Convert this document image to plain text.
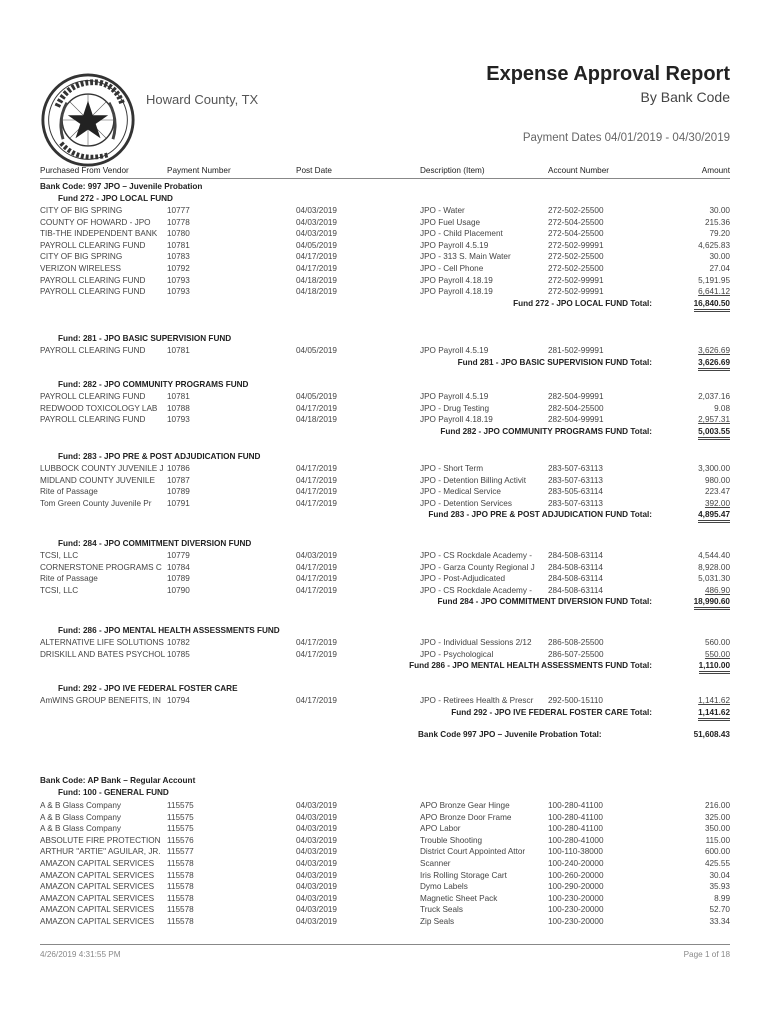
Howard County, TX
Expense Approval Report
By Bank Code
Payment Dates 04/01/2019 - 04/30/2019
Purchased From Vendor	Payment Number	Post Date	Description (Item)	Account Number	Amount
Bank Code: 997 JPO – Juvenile Probation
Fund 272 - JPO LOCAL FUND
CITY OF BIG SPRING	10777	04/03/2019	JPO - Water	272-502-25500	30.00
COUNTY OF HOWARD - JPO 10778	04/03/2019	JPO Fuel Usage	272-504-25500	215.36
TIB-THE INDEPENDENT BANK 10780	04/03/2019	JPO - Child Placement	272-504-25500	79.20
PAYROLL CLEARING FUND	10781	04/05/2019	JPO Payroll 4.5.19	272-502-99991	4,625.83
CITY OF BIG SPRING	10783	04/17/2019	JPO - 313 S. Main Water	272-502-25500	30.00
VERIZON WIRELESS	10792	04/17/2019	JPO - Cell Phone	272-502-25500	27.04
PAYROLL CLEARING FUND	10793	04/18/2019	JPO Payroll 4.18.19	272-502-99991	5,191.95
PAYROLL CLEARING FUND	10793	04/18/2019	JPO Payroll 4.18.19	272-502-99991	6,641.12
Fund 272 - JPO LOCAL FUND Total:	16,840.50
Fund: 281 - JPO BASIC SUPERVISION FUND
PAYROLL CLEARING FUND	10781	04/05/2019	JPO Payroll 4.5.19	281-502-99991	3,626.69
Fund 281 - JPO BASIC SUPERVISION FUND Total:	3,626.69
Fund: 282 - JPO COMMUNITY PROGRAMS FUND
PAYROLL CLEARING FUND	10781	04/05/2019	JPO Payroll 4.5.19	282-504-99991	2,037.16
REDWOOD TOXICOLOGY LAB 10788	04/17/2019	JPO - Drug Testing	282-504-25500	9.08
PAYROLL CLEARING FUND	10793	04/18/2019	JPO Payroll 4.18.19	282-504-99991	2,957.31
Fund 282 - JPO COMMUNITY PROGRAMS FUND Total:	5,003.55
Fund: 283 - JPO PRE & POST ADJUDICATION FUND
LUBBOCK COUNTY JUVENILE J 10786	04/17/2019	JPO - Short Term	283-507-63113	3,300.00
MIDLAND COUNTY JUVENILE 10787	04/17/2019	JPO - Detention Billing Activit	283-507-63113	980.00
Rite of Passage	10789	04/17/2019	JPO - Medical Service	283-505-63114	223.47
Tom Green County Juvenile Pr 10791	04/17/2019	JPO - Detention Services	283-507-63113	392.00
Fund 283 - JPO PRE & POST ADJUDICATION FUND Total:	4,895.47
Fund: 284 - JPO COMMITMENT DIVERSION FUND
TCSI, LLC	10779	04/03/2019	JPO - CS Rockdale Academy - 284-508-63114	4,544.40
CORNERSTONE PROGRAMS C 10784	04/17/2019	JPO - Garza County Regional J 284-508-63114	8,928.00
Rite of Passage	10789	04/17/2019	JPO - Post-Adjudicated	284-508-63114	5,031.30
TCSI, LLC	10790	04/17/2019	JPO - CS Rockdale Academy - 284-508-63114	486.90
Fund 284 - JPO COMMITMENT DIVERSION FUND Total:	18,990.60
Fund: 286 - JPO MENTAL HEALTH ASSESSMENTS FUND
ALTERNATIVE LIFE SOLUTIONS 10782	04/17/2019	JPO - Individual Sessions 2/12 286-508-25500	560.00
DRISKILL AND BATES PSYCHOL 10785	04/17/2019	JPO - Psychological	286-507-25500	550.00
Fund 286 - JPO MENTAL HEALTH ASSESSMENTS FUND Total:	1,110.00
Fund: 292 - JPO IVE FEDERAL FOSTER CARE
AmWINS GROUP BENEFITS, IN 10794	04/17/2019	JPO - Retirees Health & Prescr 292-500-15110	1,141.62
Fund 292 - JPO IVE FEDERAL FOSTER CARE Total:	1,141.62
Bank Code 997 JPO – Juvenile Probation Total:	51,608.43
Bank Code: AP Bank – Regular Account
Fund: 100 - GENERAL FUND
A & B Glass Company	115575	04/03/2019	APO Bronze Gear Hinge	100-280-41100	216.00
A & B Glass Company	115575	04/03/2019	APO Bronze Door Frame	100-280-41100	325.00
A & B Glass Company	115575	04/03/2019	APO Labor	100-280-41100	350.00
ABSOLUTE FIRE PROTECTION 115576	04/03/2019	Trouble Shooting	100-280-41000	115.00
ARTHUR "ARTIE" AGUILAR, JR. 115577	04/03/2019	District Court Appointed Attor	100-110-38000	600.00
AMAZON CAPITAL SERVICES 115578	04/03/2019	Scanner	100-240-20000	425.55
AMAZON CAPITAL SERVICES 115578	04/03/2019	Iris Rolling Storage Cart	100-260-20000	30.04
AMAZON CAPITAL SERVICES 115578	04/03/2019	Dymo Labels	100-290-20000	35.93
AMAZON CAPITAL SERVICES 115578	04/03/2019	Magnetic Sheet Pack	100-230-20000	8.99
AMAZON CAPITAL SERVICES 115578	04/03/2019	Truck Seals	100-230-20000	52.70
AMAZON CAPITAL SERVICES 115578	04/03/2019	Zip Seals	100-230-20000	33.34
4/26/2019 4:31:55 PM	Page 1 of 18
